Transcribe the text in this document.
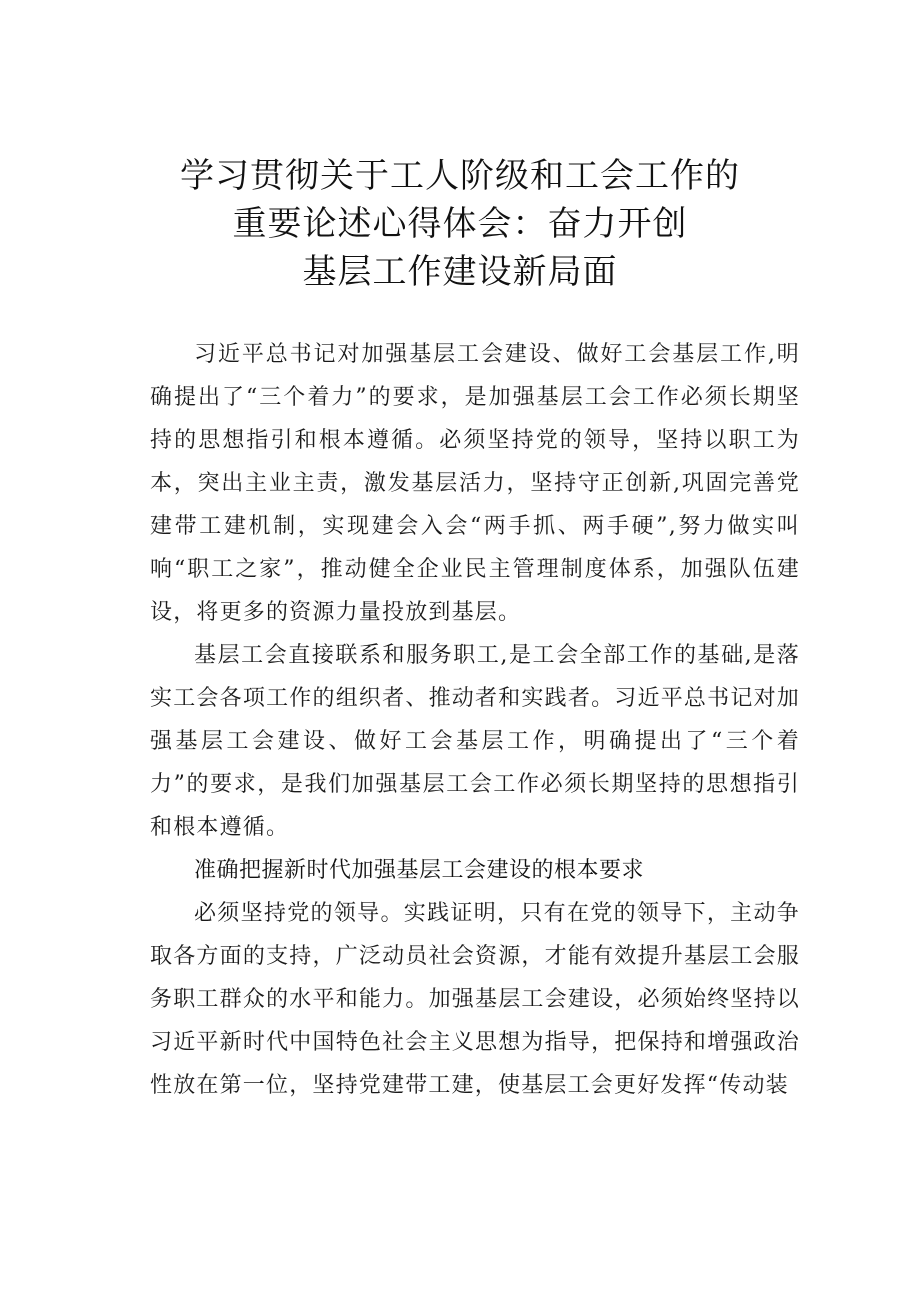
学习贯彻关于工人阶级和工会工作的
重要论述心得体会：奋力开创
基层工作建设新局面

习近平总书记对加强基层工会建设、做好工会基层工作,明确提出了“三个着力”的要求，是加强基层工会工作必须长期坚持的思想指引和根本遵循。必须坚持党的领导，坚持以职工为本，突出主业主责，激发基层活力，坚持守正创新,巩固完善党建带工建机制，实现建会入会“两手抓、两手硬”,努力做实叫响“职工之家”，推动健全企业民主管理制度体系，加强队伍建设，将更多的资源力量投放到基层。

基层工会直接联系和服务职工,是工会全部工作的基础,是落实工会各项工作的组织者、推动者和实践者。习近平总书记对加强基层工会建设、做好工会基层工作，明确提出了“三个着力”的要求，是我们加强基层工会工作必须长期坚持的思想指引和根本遵循。

准确把握新时代加强基层工会建设的根本要求

必须坚持党的领导。实践证明，只有在党的领导下，主动争取各方面的支持，广泛动员社会资源，才能有效提升基层工会服务职工群众的水平和能力。加强基层工会建设，必须始终坚持以习近平新时代中国特色社会主义思想为指导，把保持和增强政治性放在第一位，坚持党建带工建，使基层工会更好发挥“传动装
